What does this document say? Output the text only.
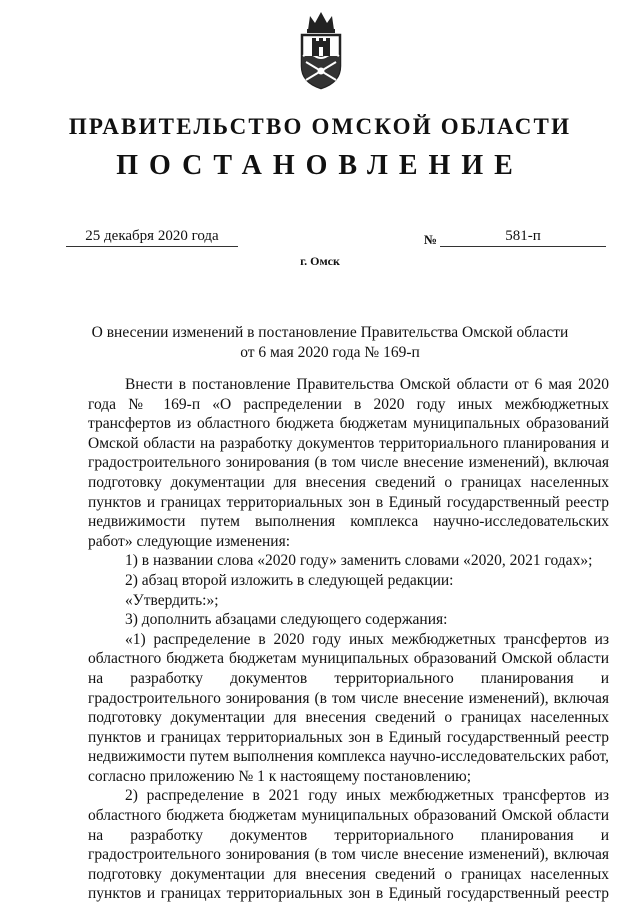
ПРАВИТЕЛЬСТВО ОМСКОЙ ОБЛАСТИ
ПОСТАНОВЛЕНИЕ
25 декабря 2020 года	№	581-п
г. Омск
О внесении изменений в постановление Правительства Омской области
от 6 мая 2020 года № 169-п

Внести в постановление Правительства Омской области от 6 мая 2020 года № 169-п «О распределении в 2020 году иных межбюджетных трансфертов из областного бюджета бюджетам муниципальных образований Омской области на разработку документов территориального планирования и градостроительного зонирования (в том числе внесение изменений), включая подготовку документации для внесения сведений о границах населенных пунктов и границах территориальных зон в Единый государственный реестр недвижимости путем выполнения комплекса научно-исследовательских работ» следующие изменения:

1) в названии слова «2020 году» заменить словами «2020, 2021 годах»;

2) абзац второй изложить в следующей редакции:

«Утвердить:»;

3) дополнить абзацами следующего содержания:

«1) распределение в 2020 году иных межбюджетных трансфертов из областного бюджета бюджетам муниципальных образований Омской области на разработку документов территориального планирования и градостроительного зонирования (в том числе внесение изменений), включая подготовку документации для внесения сведений о границах населенных пунктов и границах территориальных зон в Единый государственный реестр недвижимости путем выполнения комплекса научно-исследовательских работ, согласно приложению № 1 к настоящему постановлению;

2) распределение в 2021 году иных межбюджетных трансфертов из областного бюджета бюджетам муниципальных образований Омской области на разработку документов территориального планирования и градостроительного зонирования (в том числе внесение изменений), включая подготовку документации для внесения сведений о границах населенных пунктов и границах территориальных зон в Единый государственный реестр
